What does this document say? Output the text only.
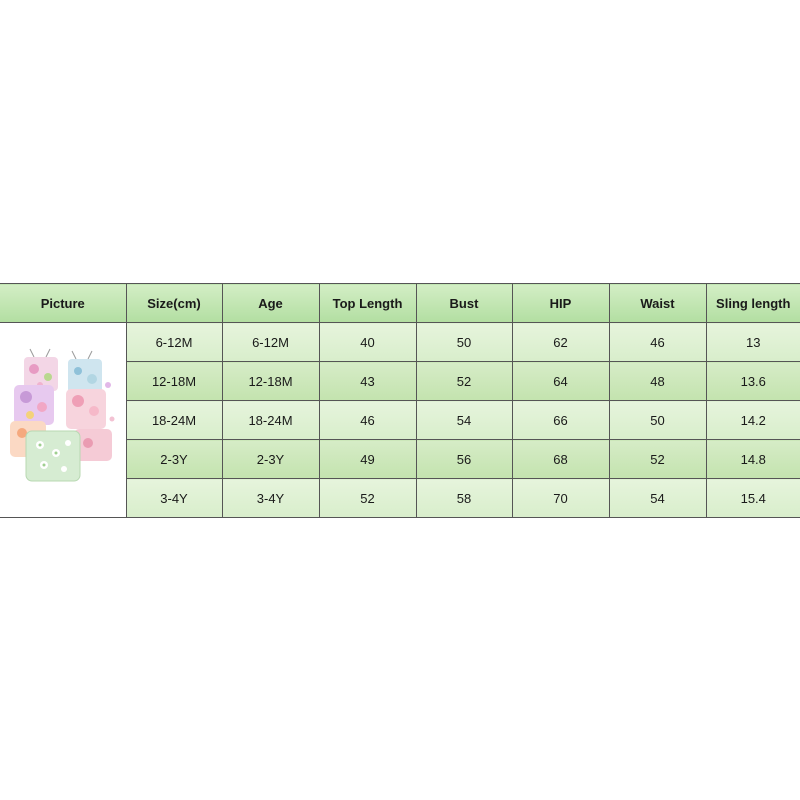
Picture	Size(cm)	Age	Top Length	Bust	HIP	Waist	Sling length

	6-12M	6-12M	40	50	62	46	13
	12-18M	12-18M	43	52	64	48	13.6
	18-24M	18-24M	46	54	66	50	14.2
	2-3Y	2-3Y	49	56	68	52	14.8
	3-4Y	3-4Y	52	58	70	54	15.4
